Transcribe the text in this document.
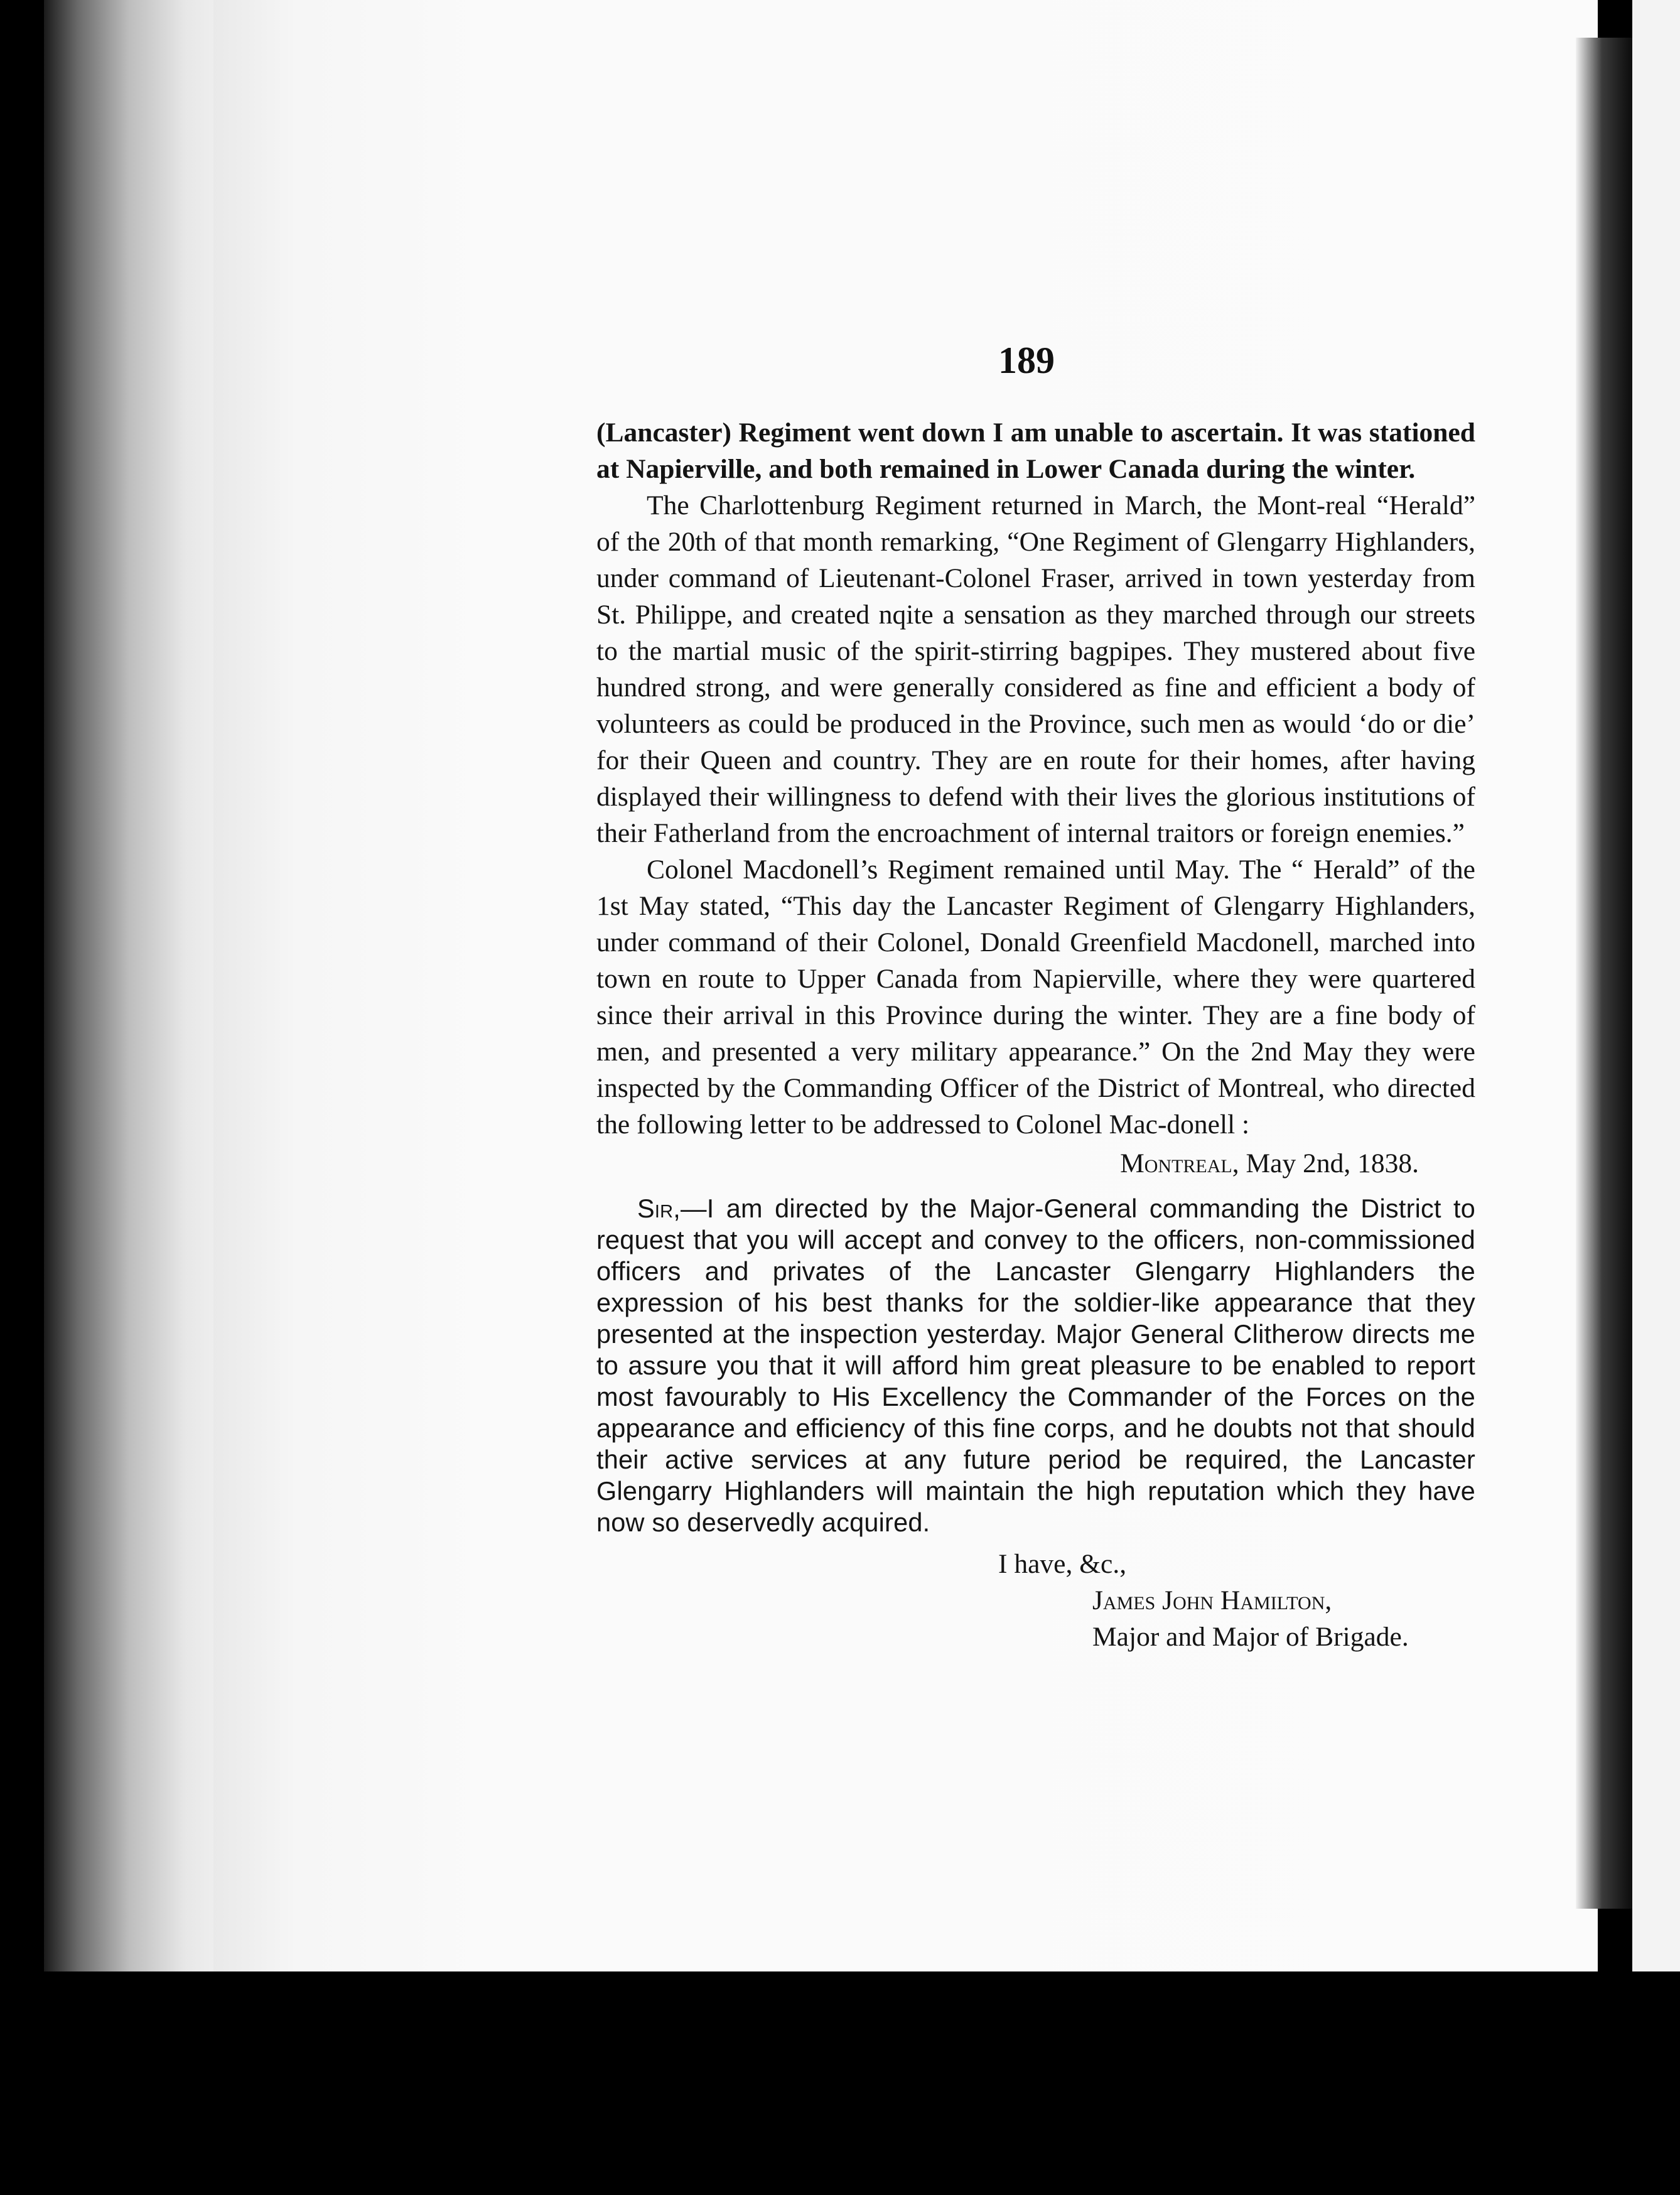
189

(Lancaster) Regiment went down I am unable to ascertain. It was stationed at Napierville, and both remained in Lower Canada during the winter.

The Charlottenburg Regiment returned in March, the Mont-real “Herald” of the 20th of that month remarking, “One Regiment of Glengarry Highlanders, under command of Lieutenant-Colonel Fraser, arrived in town yesterday from St. Philippe, and created nqite a sensation as they marched through our streets to the martial music of the spirit-stirring bagpipes. They mustered about five hundred strong, and were generally considered as fine and efficient a body of volunteers as could be produced in the Province, such men as would ‘do or die’ for their Queen and country. They are en route for their homes, after having displayed their willingness to defend with their lives the glorious institutions of their Fatherland from the encroachment of internal traitors or foreign enemies.”

Colonel Macdonell’s Regiment remained until May. The “ Herald” of the 1st May stated, “This day the Lancaster Regiment of Glengarry Highlanders, under command of their Colonel, Donald Greenfield Macdonell, marched into town en route to Upper Canada from Napierville, where they were quartered since their arrival in this Province during the winter. They are a fine body of men, and presented a very military appearance.” On the 2nd May they were inspected by the Commanding Officer of the District of Montreal, who directed the following letter to be addressed to Colonel Mac-donell :

Montreal, May 2nd, 1838.

Sir,—I am directed by the Major-General commanding the District to request that you will accept and convey to the officers, non-commissioned officers and privates of the Lancaster Glengarry Highlanders the expression of his best thanks for the soldier-like appearance that they presented at the inspection yesterday. Major General Clitherow directs me to assure you that it will afford him great pleasure to be enabled to report most favourably to His Excellency the Commander of the Forces on the appearance and efficiency of this fine corps, and he doubts not that should their active services at any future period be required, the Lancaster Glengarry Highlanders will maintain the high reputation which they have now so deservedly acquired.

I have, &c.,

James John Hamilton,

Major and Major of Brigade.
